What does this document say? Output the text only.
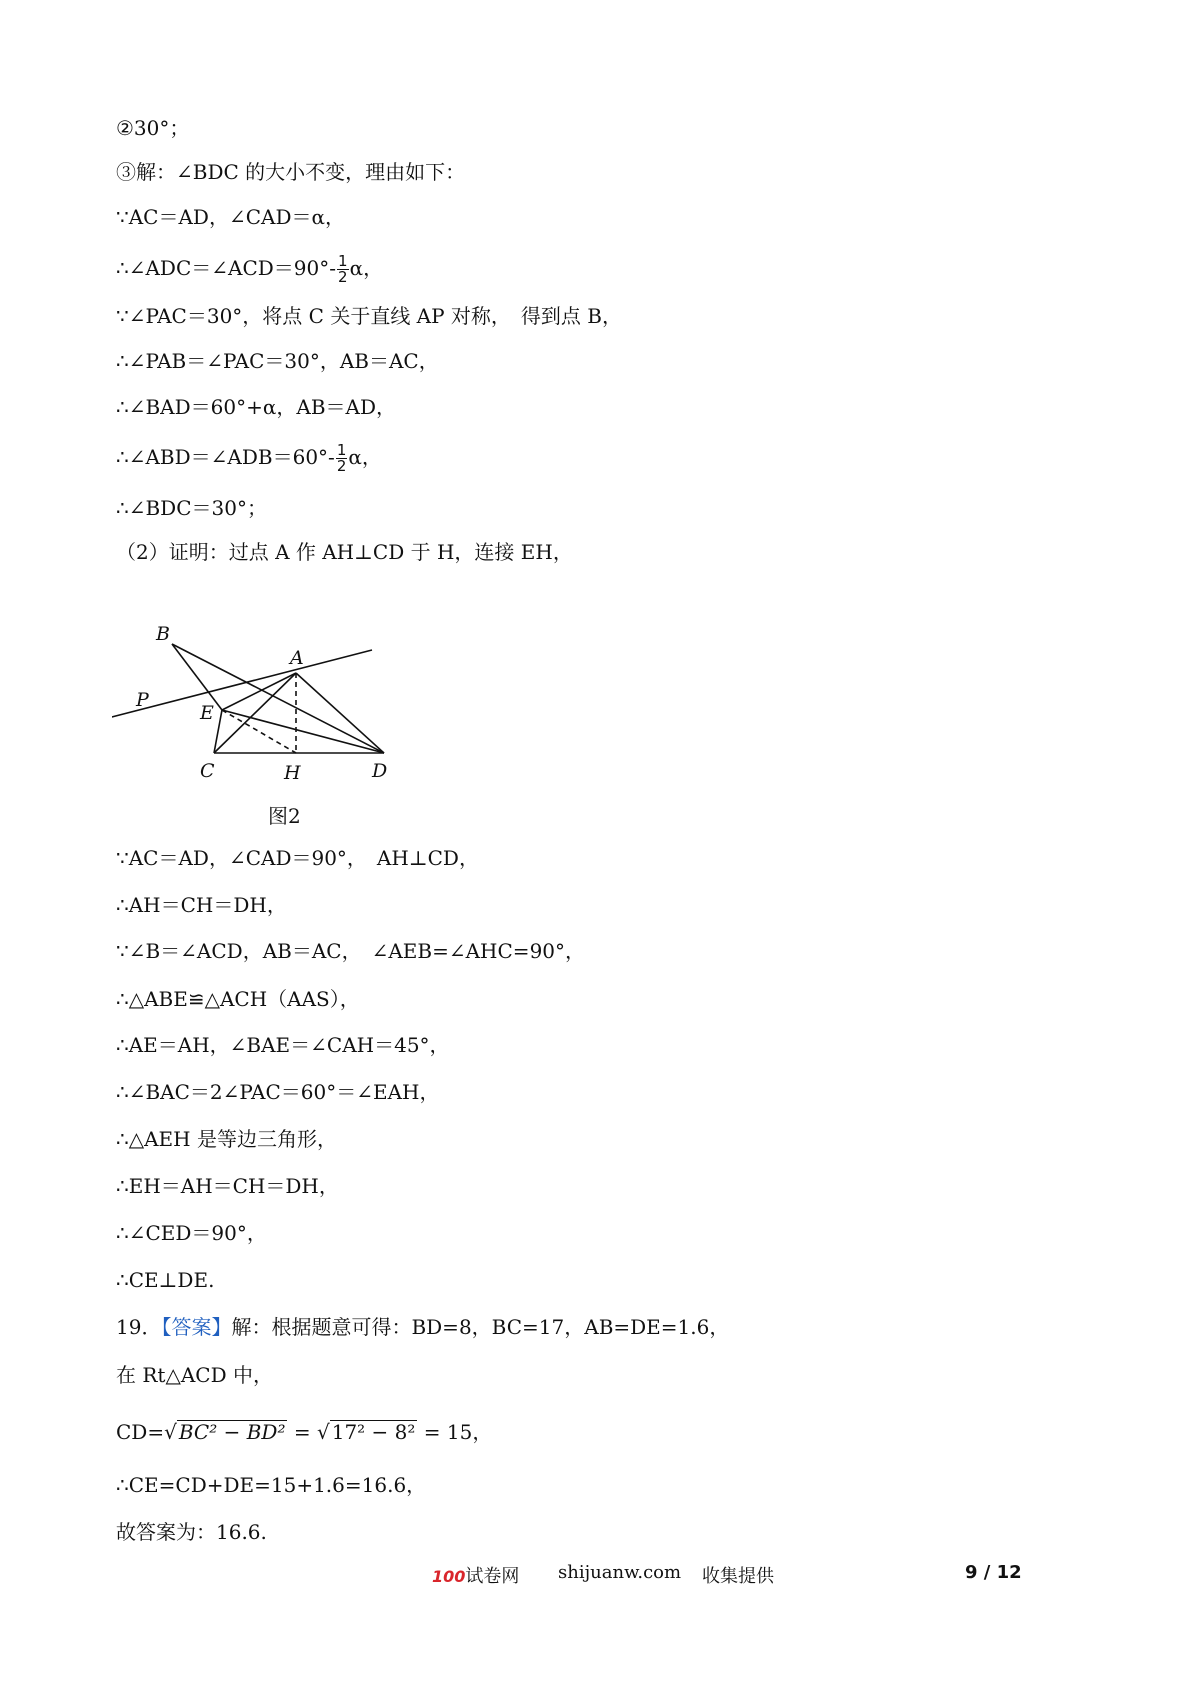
②30°；
③解：∠BDC 的大小不变，理由如下：
∵AC＝AD，∠CAD＝α，
∴∠ADC＝∠ACD＝90°- $\frac{1}{2}$ α，
∵∠PAC＝30°，将点 C 关于直线 AP 对称，　得到点 B，
∴∠PAB＝∠PAC＝30°，AB＝AC，
∴∠BAD＝60°+α，AB＝AD，
∴∠ABD＝∠ADB＝60°- $\frac{1}{2}$ α，
∴∠BDC＝30°；
（2）证明：过点 A 作 AH⊥CD 于 H，连接 EH，
B
A
P
E
C	H	D
图2
∵AC＝AD，∠CAD＝90°，　AH⊥CD，
∴AH＝CH＝DH，
∵∠B＝∠ACD，AB＝AC，　∠AEB=∠AHC=90°，
∴△ABE≌△ACH（AAS），
∴AE＝AH，∠BAE＝∠CAH＝45°，
∴∠BAC＝2∠PAC＝60°＝∠EAH，
∴△AEH 是等边三角形，
∴EH＝AH＝CH＝DH，
∴∠CED＝90°，
∴CE⊥DE.
19．【答案】解：根据题意可得：BD=8，BC=17，AB=DE=1.6，
在 Rt△ACD 中，
CD=√ BC² − BD² = √ 17² − 8² = 15，
∴CE=CD+DE=15+1.6=16.6，
故答案为：16.6.
100试卷网 shijuanw.com 收集提供	9 / 12
